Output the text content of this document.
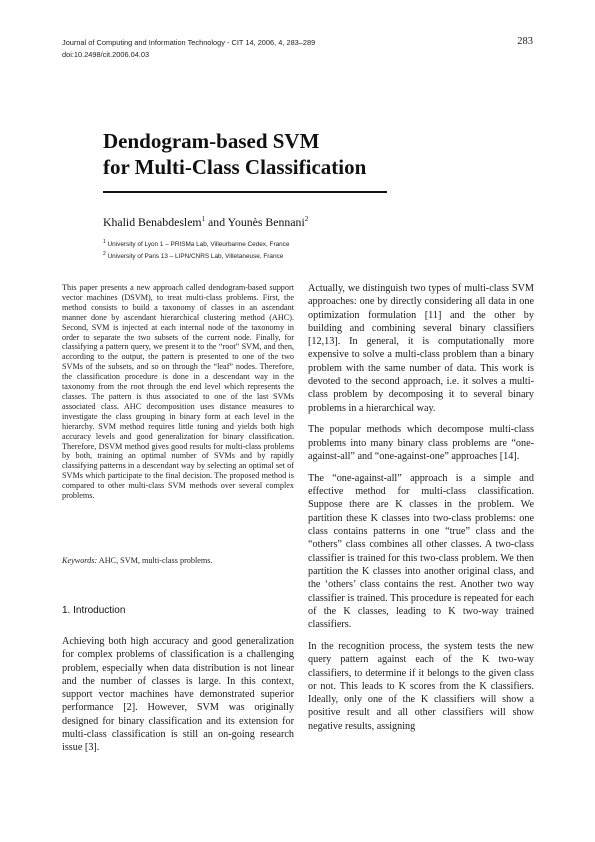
Journal of Computing and Information Technology - CIT 14, 2006, 4, 283–289
doi:10.2498/cit.2006.04.03
283
Dendogram-based SVM
for Multi-Class Classification
Khalid Benabdeslem$^1$ and Younès Bennani$^2$
$^1$ University of Lyon 1 – PRISMa Lab, Villeurbanne Cedex, France
$^2$ University of Paris 13 – LIPN/CNRS Lab, Villetaneuse, France
This paper presents a new approach called dendogram-based support vector machines (DSVM), to treat multi-class problems. First, the method consists to build a taxonomy of classes in an ascendant manner done by ascendant hierarchical clustering method (AHC). Second, SVM is injected at each internal node of the taxonomy in order to separate the two subsets of the current node. Finally, for classifying a pattern query, we present it to the “root” SVM, and then, according to the output, the pattern is presented to one of the two SVMs of the subsets, and so on through the “leaf” nodes. Therefore, the classification procedure is done in a descendant way in the taxonomy from the root through the end level which represents the classes. The pattern is thus associated to one of the last SVMs associated class. AHC decomposition uses distance measures to investigate the class grouping in binary form at each level in the hierarchy. SVM method requires little tuning and yields both high accuracy levels and good generalization for binary classification. Therefore, DSVM method gives good results for multi-class problems by both, training an optimal number of SVMs and by rapidly classifying patterns in a descendant way by selecting an optimal set of SVMs which participate to the final decision. The proposed method is compared to other multi-class SVM methods over several complex problems.
Keywords: AHC, SVM, multi-class problems.
1. Introduction
Achieving both high accuracy and good generalization for complex problems of classification is a challenging problem, especially when data distribution is not linear and the number of classes is large. In this context, support vector machines have demonstrated superior performance [2]. However, SVM was originally designed for binary classification and its extension for multi-class classification is still an on-going research issue [3].

Actually, we distinguish two types of multi-class SVM approaches: one by directly considering all data in one optimization formulation [11] and the other by building and combining several binary classifiers [12,13]. In general, it is computationally more expensive to solve a multi-class problem than a binary problem with the same number of data. This work is devoted to the second approach, i.e. it solves a multi-class problem by decomposing it to several binary problems in a hierarchical way.

The popular methods which decompose multi-class problems into many binary class problems are “one-against-all” and “one-against-one” approaches [14].

The “one-against-all” approach is a simple and effective method for multi-class classification. Suppose there are K classes in the problem. We partition these K classes into two-class problems: one class contains patterns in one “true” class and the “others” class combines all other classes. A two-class classifier is trained for this two-class problem. We then partition the K classes into another original class, and the ‘others’ class contains the rest. Another two way classifier is trained. This procedure is repeated for each of the K classes, leading to K two-way trained classifiers.

In the recognition process, the system tests the new query pattern against each of the K two-way classifiers, to determine if it belongs to the given class or not. This leads to K scores from the K classifiers. Ideally, only one of the K classifiers will show a positive result and all other classifiers will show negative results, assigning
